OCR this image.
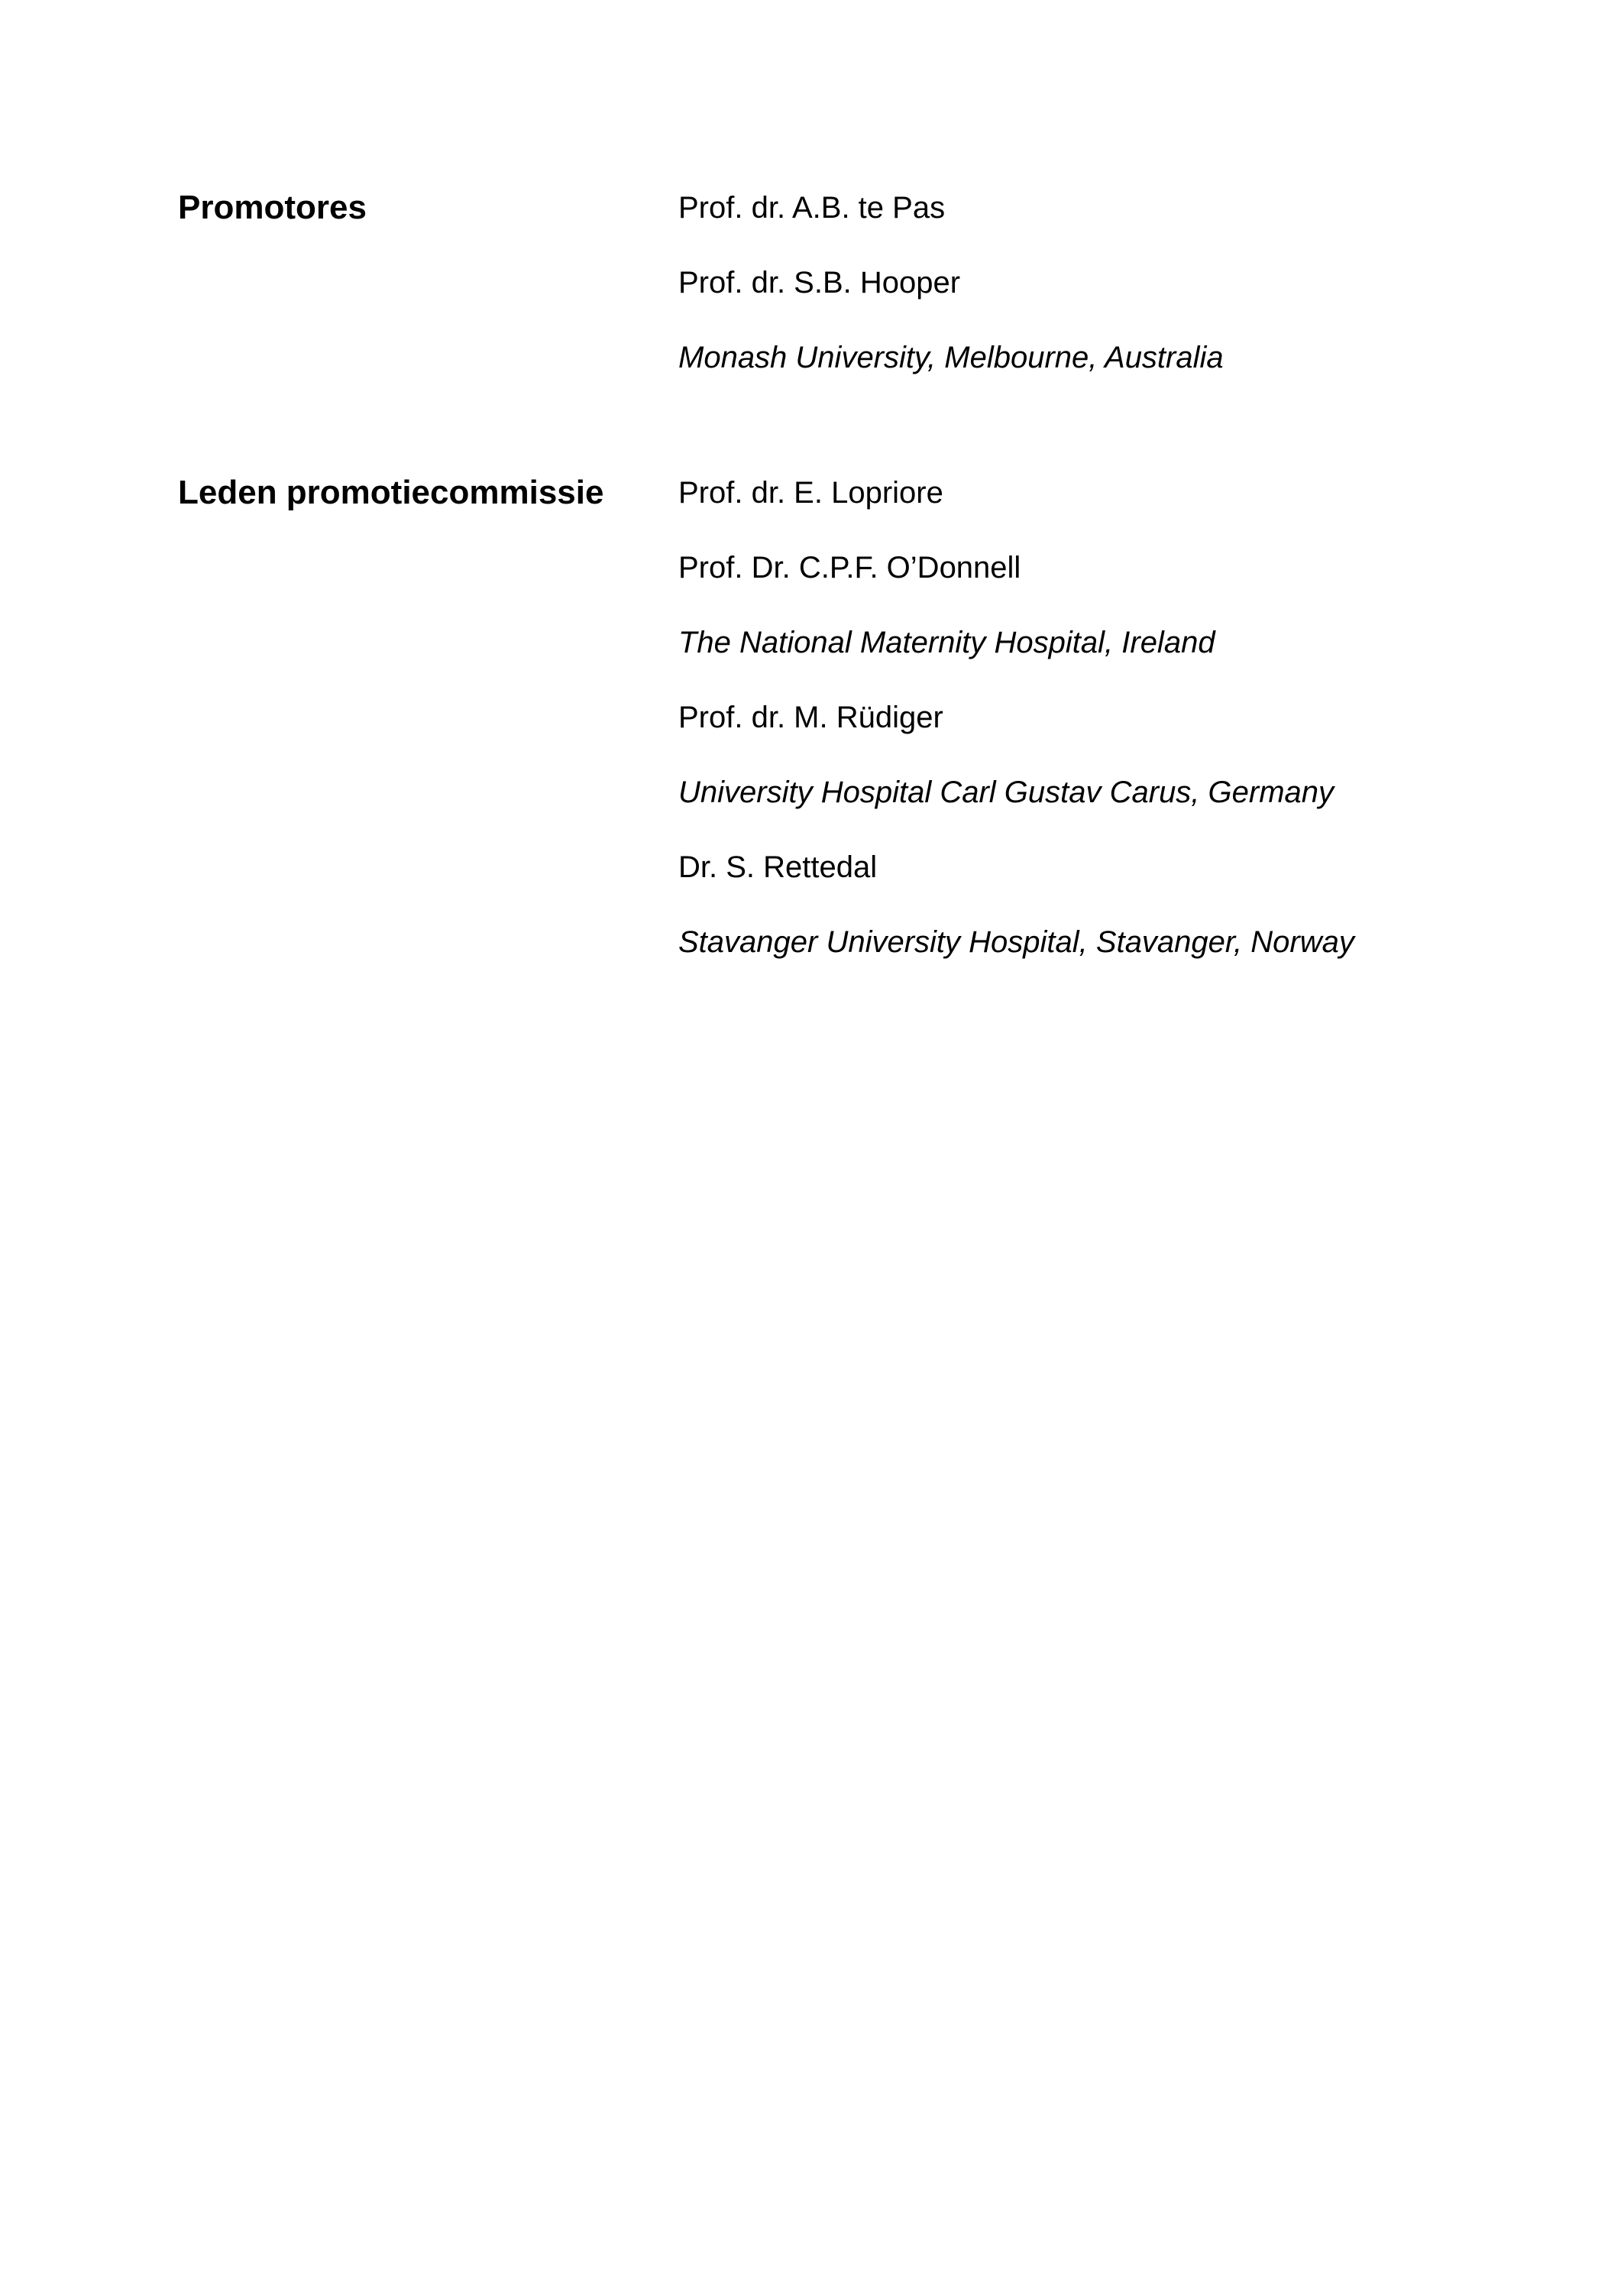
Promotores	Prof. dr. A.B. te Pas
Prof. dr. S.B. Hooper
Monash University, Melbourne, Australia
Leden promotiecommissie Prof. dr. E. Lopriore
Prof. Dr. C.P.F. O’Donnell
The National Maternity Hospital, Ireland
Prof. dr. M. Rüdiger
University Hospital Carl Gustav Carus, Germany
Dr. S. Rettedal
Stavanger University Hospital, Stavanger, Norway
